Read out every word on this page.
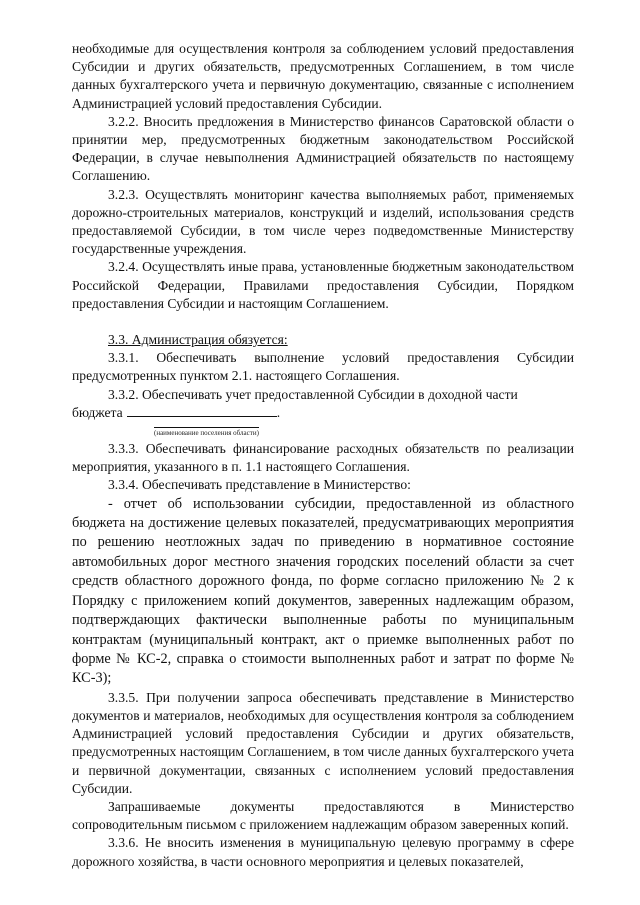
необходимые для осуществления контроля за соблюдением условий предоставления Субсидии и других обязательств, предусмотренных Соглашением, в том числе данных бухгалтерского учета и первичную документацию, связанные с исполнением Администрацией условий предоставления Субсидии.

3.2.2. Вносить предложения в Министерство финансов Саратовской области о принятии мер, предусмотренных бюджетным законодательством Российской Федерации, в случае невыполнения Администрацией обязательств по настоящему Соглашению.

3.2.3. Осуществлять мониторинг качества выполняемых работ, применяемых дорожно-строительных материалов, конструкций и изделий, использования средств предоставляемой Субсидии, в том числе через подведомственные Министерству государственные учреждения.

3.2.4. Осуществлять иные права, установленные бюджетным законодательством Российской Федерации, Правилами предоставления Субсидии, Порядком предоставления Субсидии и настоящим Соглашением.

3.3. Администрация обязуется:

3.3.1. Обеспечивать выполнение условий предоставления Субсидии предусмотренных пунктом 2.1. настоящего Соглашения.

3.3.2. Обеспечивать учет предоставленной Субсидии в доходной части

бюджета	.

(наименование поселения области)

3.3.3. Обеспечивать финансирование расходных обязательств по реализации мероприятия, указанного в п. 1.1 настоящего Соглашения.

3.3.4. Обеспечивать представление в Министерство:

- отчет об использовании субсидии, предоставленной из областного бюджета на достижение целевых показателей, предусматривающих мероприятия по решению неотложных задач по приведению в нормативное состояние автомобильных дорог местного значения городских поселений области за счет средств областного дорожного фонда, по форме согласно приложению № 2 к Порядку с приложением копий документов, заверенных надлежащим образом, подтверждающих фактически выполненные работы по муниципальным контрактам (муниципальный контракт, акт о приемке выполненных работ по форме № КС-2, справка о стоимости выполненных работ и затрат по форме № КС-3);

3.3.5. При получении запроса обеспечивать представление в Министерство документов и материалов, необходимых для осуществления контроля за соблюдением Администрацией условий предоставления Субсидии и других обязательств, предусмотренных настоящим Соглашением, в том числе данных бухгалтерского учета и первичной документации, связанных с исполнением условий предоставления Субсидии.

Запрашиваемые документы предоставляются в Министерство сопроводительным письмом с приложением надлежащим образом заверенных копий.

3.3.6. Не вносить изменения в муниципальную целевую программу в сфере дорожного хозяйства, в части основного мероприятия и целевых показателей,
